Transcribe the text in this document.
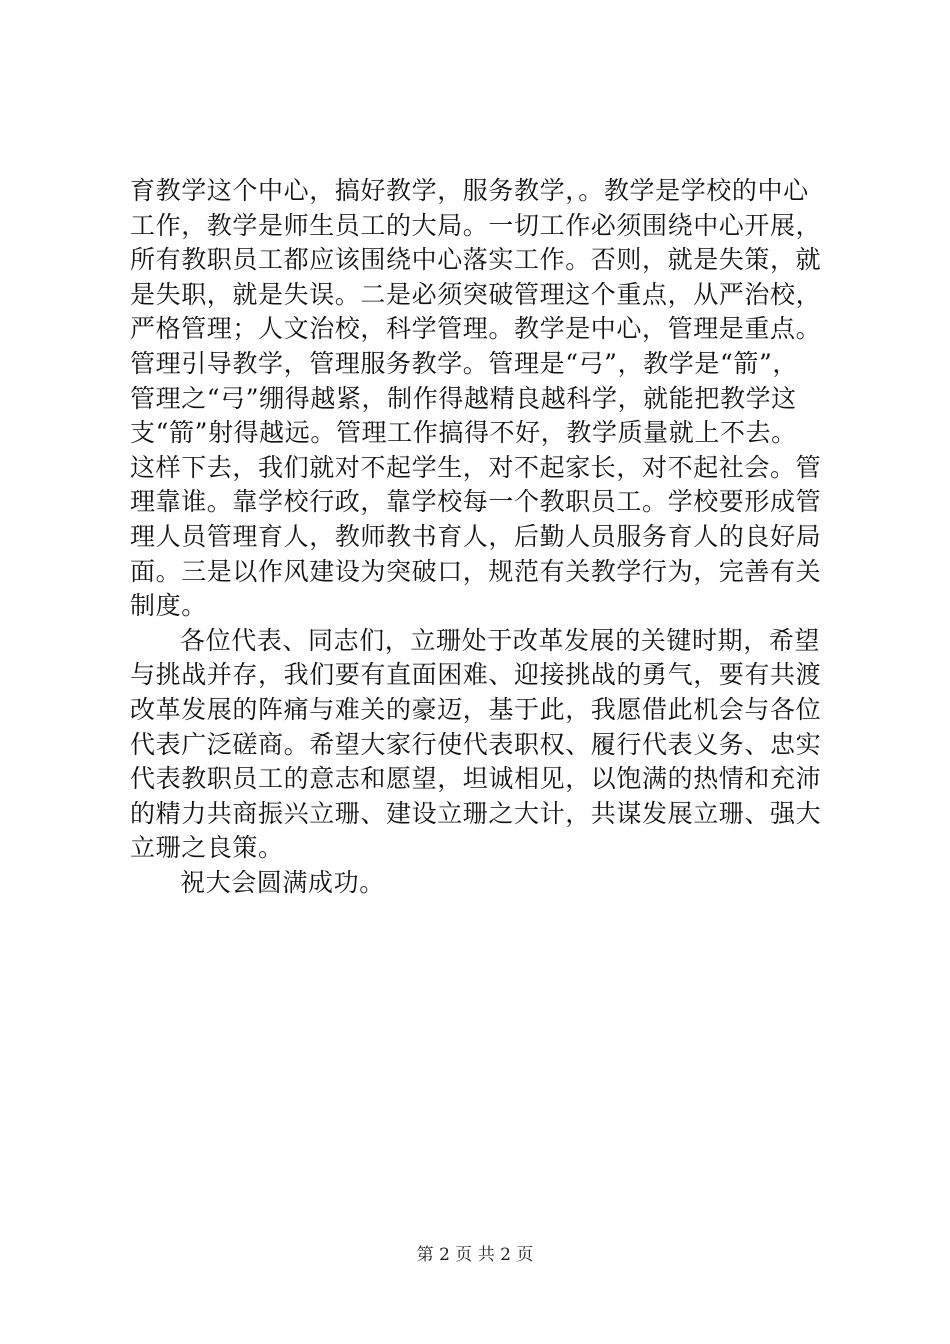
育教学这个中心，搞好教学，服务教学，。教学是学校的中心
工作，教学是师生员工的大局。一切工作必须围绕中心开展，
所有教职员工都应该围绕中心落实工作。否则，就是失策，就
是失职，就是失误。二是必须突破管理这个重点，从严治校，
严格管理；人文治校，科学管理。教学是中心，管理是重点。
管理引导教学，管理服务教学。管理是“弓”，教学是“箭”，
管理之“弓”绷得越紧，制作得越精良越科学，就能把教学这
支“箭”射得越远。管理工作搞得不好，教学质量就上不去。
这样下去，我们就对不起学生，对不起家长，对不起社会。管
理靠谁。靠学校行政，靠学校每一个教职员工。学校要形成管
理人员管理育人，教师教书育人，后勤人员服务育人的良好局
面。三是以作风建设为突破口，规范有关教学行为，完善有关
制度。
各位代表、同志们，立珊处于改革发展的关键时期，希望
与挑战并存，我们要有直面困难、迎接挑战的勇气，要有共渡
改革发展的阵痛与难关的豪迈，基于此，我愿借此机会与各位
代表广泛磋商。希望大家行使代表职权、履行代表义务、忠实
代表教职员工的意志和愿望，坦诚相见，以饱满的热情和充沛
的精力共商振兴立珊、建设立珊之大计，共谋发展立珊、强大
立珊之良策。
祝大会圆满成功。
第 2 页 共 2 页
